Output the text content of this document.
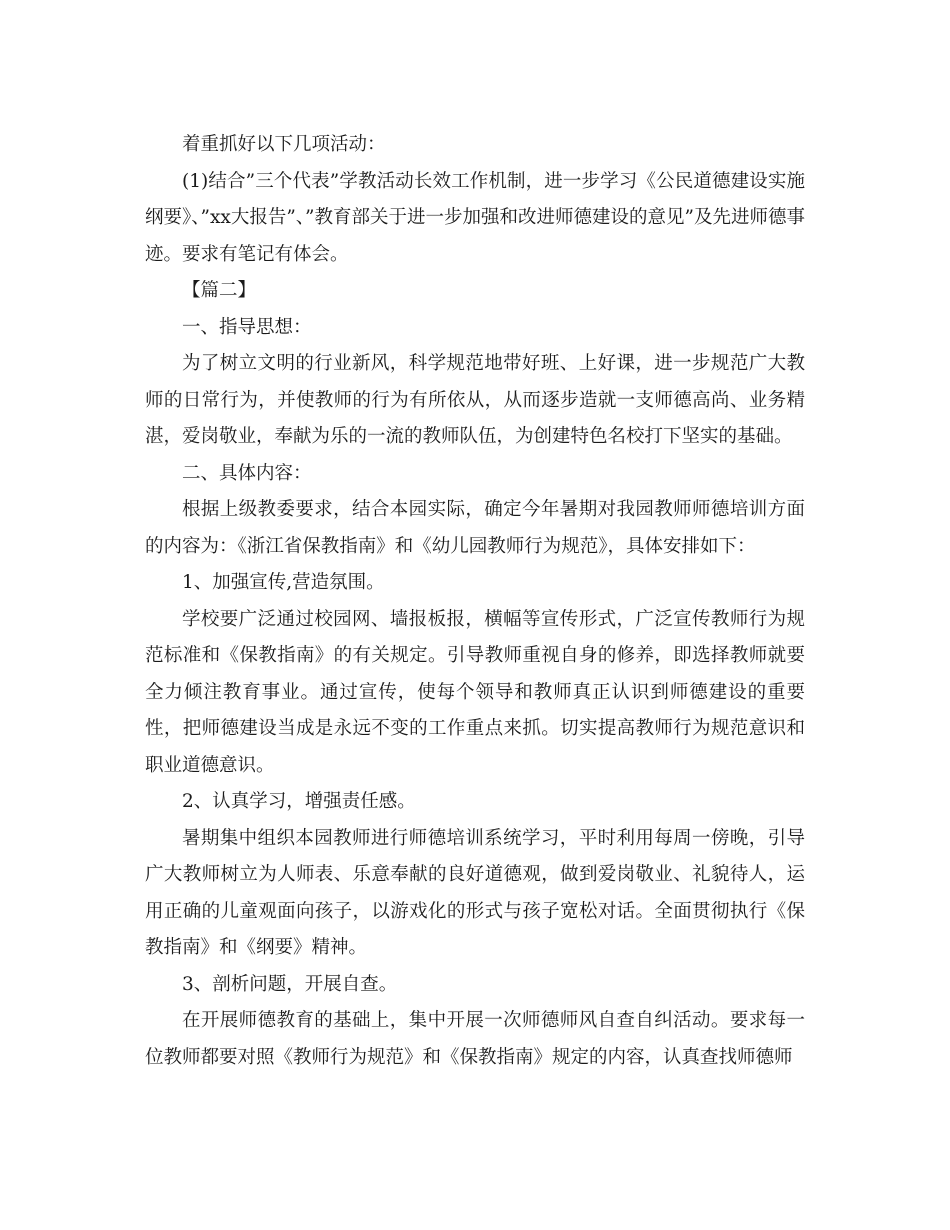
着重抓好以下几项活动：

(1)结合”三个代表”学教活动长效工作机制，进一步学习《公民道德建设实施纲要》、”xx大报告”、”教育部关于进一步加强和改进师德建设的意见”及先进师德事迹。要求有笔记有体会。

【篇二】

一、指导思想：

为了树立文明的行业新风，科学规范地带好班、上好课，进一步规范广大教师的日常行为，并使教师的行为有所依从，从而逐步造就一支师德高尚、业务精湛，爱岗敬业，奉献为乐的一流的教师队伍，为创建特色名校打下坚实的基础。

二、具体内容：

根据上级教委要求，结合本园实际，确定今年暑期对我园教师师德培训方面的内容为：《浙江省保教指南》和《幼儿园教师行为规范》，具体安排如下：

1、加强宣传,营造氛围。

学校要广泛通过校园网、墙报板报，横幅等宣传形式，广泛宣传教师行为规范标准和《保教指南》的有关规定。引导教师重视自身的修养，即选择教师就要全力倾注教育事业。通过宣传，使每个领导和教师真正认识到师德建设的重要性，把师德建设当成是永远不变的工作重点来抓。切实提高教师行为规范意识和职业道德意识。

2、认真学习，增强责任感。

暑期集中组织本园教师进行师德培训系统学习，平时利用每周一傍晚，引导广大教师树立为人师表、乐意奉献的良好道德观，做到爱岗敬业、礼貌待人，运用正确的儿童观面向孩子，以游戏化的形式与孩子宽松对话。全面贯彻执行《保教指南》和《纲要》精神。

3、剖析问题，开展自查。

在开展师德教育的基础上，集中开展一次师德师风自查自纠活动。要求每一位教师都要对照《教师行为规范》和《保教指南》规定的内容，认真查找师德师
